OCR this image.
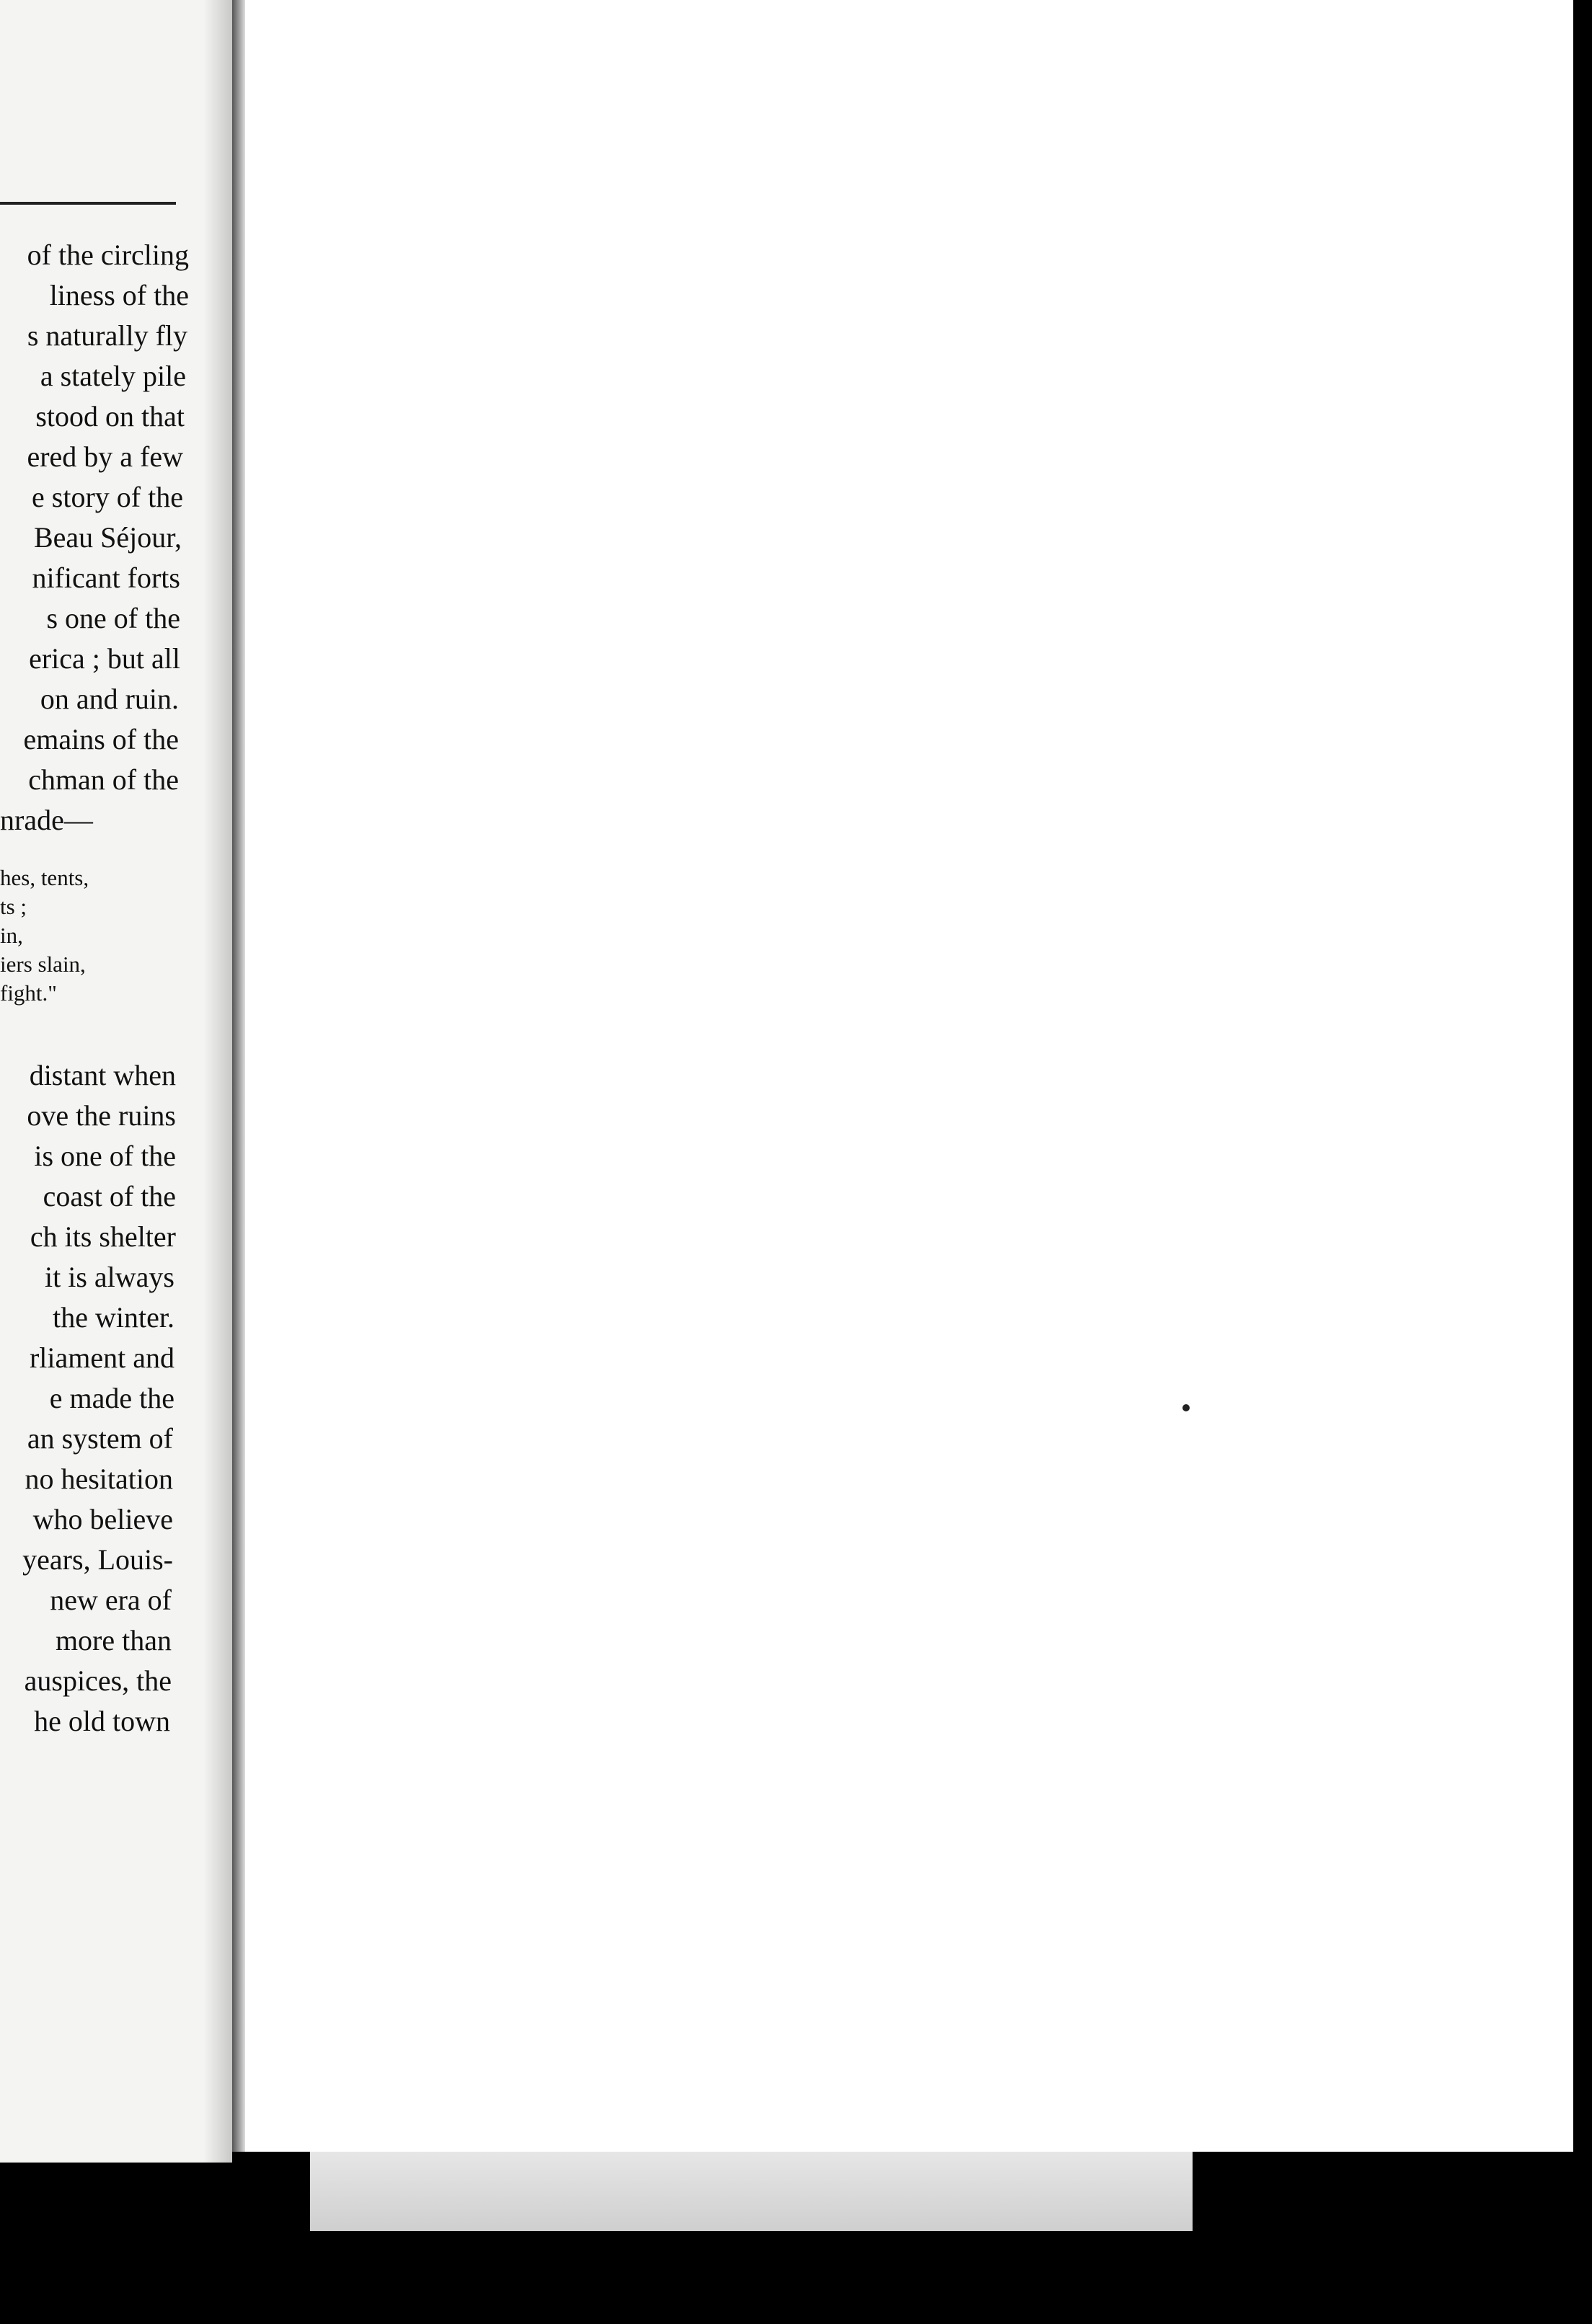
of the circling
liness of the
s naturally fly
a stately pile
stood on that
ered by a few
e story of the
Beau Séjour,
nificant forts
s one of the
erica ; but all
on and ruin.
emains of the
chman of the
nrade—
hes, tents,
ts ;
in,
iers slain,
fight."
distant when
ove the ruins
is one of the
coast of the
ch its shelter
it is always
the winter.
rliament and
e made the
an system of
no hesitation
who believe
years, Louis-
new era of
more than
auspices, the
he old town
